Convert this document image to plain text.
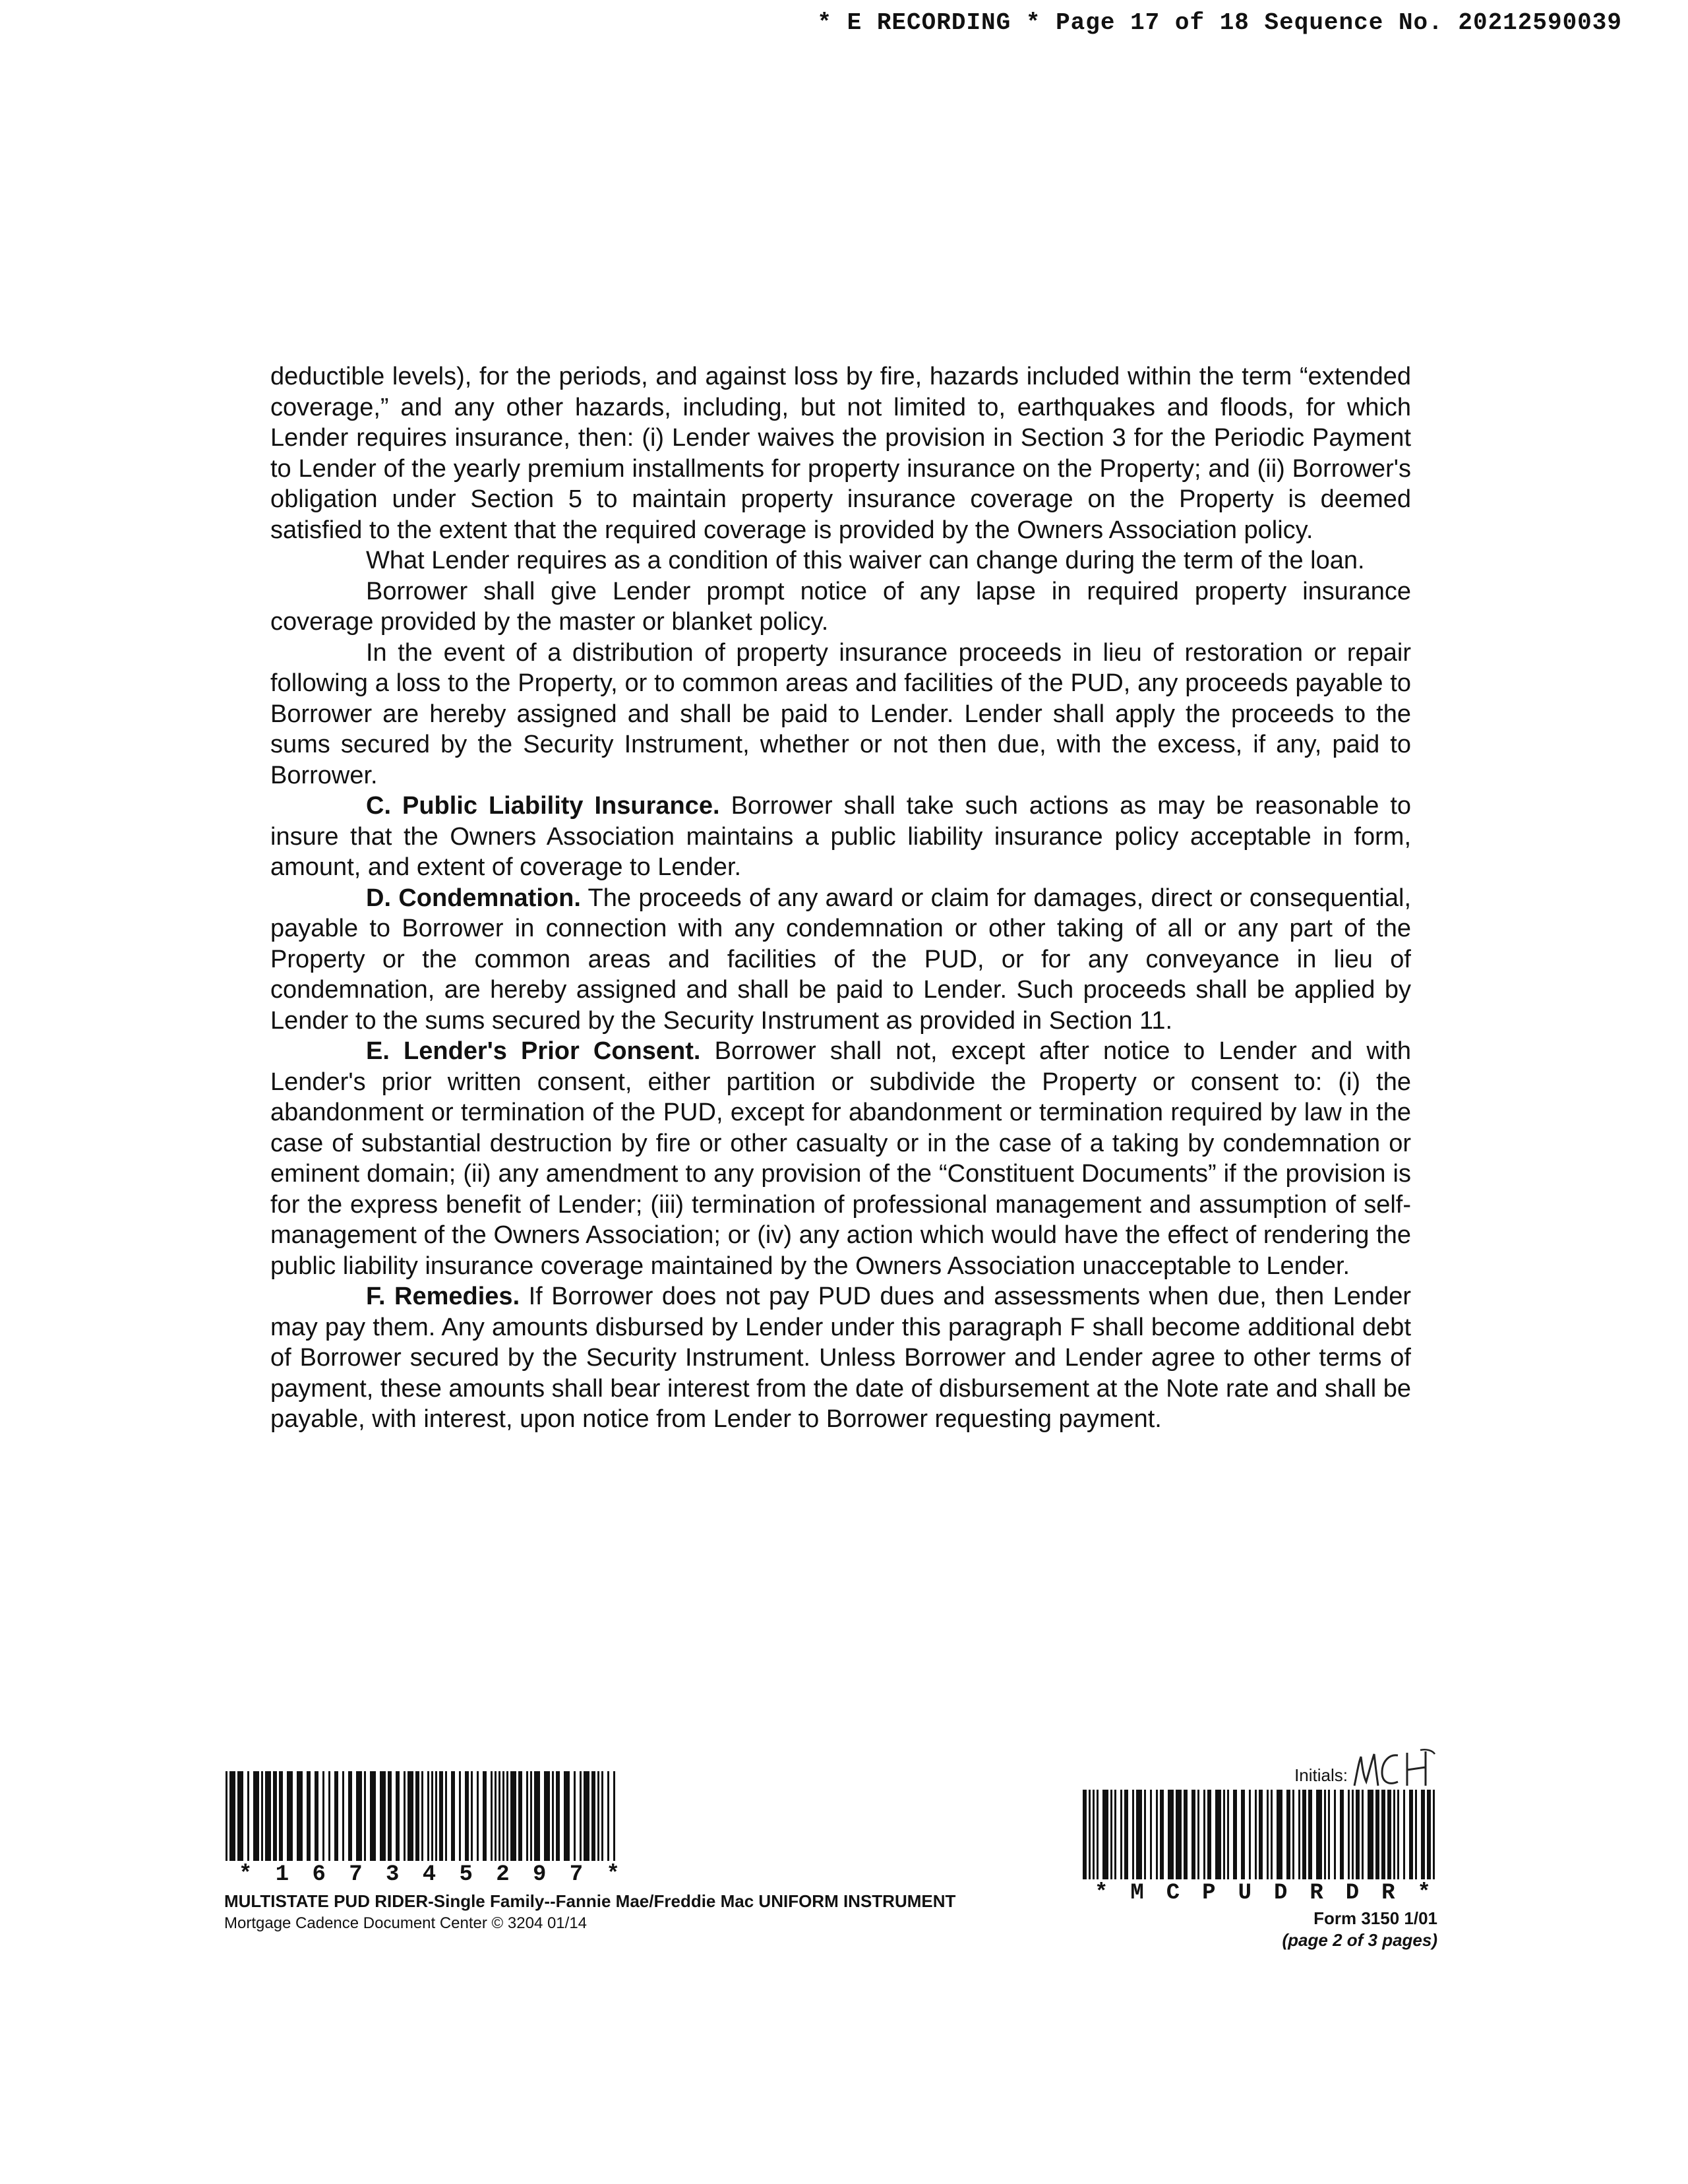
* E RECORDING * Page 17 of 18 Sequence No. 20212590039

deductible levels), for the periods, and against loss by fire, hazards included within the term “extended coverage,” and any other hazards, including, but not limited to, earthquakes and floods, for which Lender requires insurance, then: (i) Lender waives the provision in Section 3 for the Periodic Payment to Lender of the yearly premium installments for property insurance on the Property; and (ii) Borrower's obligation under Section 5 to maintain property insurance coverage on the Property is deemed satisfied to the extent that the required coverage is provided by the Owners Association policy.

What Lender requires as a condition of this waiver can change during the term of the loan.

Borrower shall give Lender prompt notice of any lapse in required property insurance coverage provided by the master or blanket policy.

In the event of a distribution of property insurance proceeds in lieu of restoration or repair following a loss to the Property, or to common areas and facilities of the PUD, any proceeds payable to Borrower are hereby assigned and shall be paid to Lender. Lender shall apply the proceeds to the sums secured by the Security Instrument, whether or not then due, with the excess, if any, paid to Borrower.

C. Public Liability Insurance. Borrower shall take such actions as may be reasonable to insure that the Owners Association maintains a public liability insurance policy acceptable in form, amount, and extent of coverage to Lender.

D. Condemnation. The proceeds of any award or claim for damages, direct or consequential, payable to Borrower in connection with any condemnation or other taking of all or any part of the Property or the common areas and facilities of the PUD, or for any conveyance in lieu of condemnation, are hereby assigned and shall be paid to Lender. Such proceeds shall be applied by Lender to the sums secured by the Security Instrument as provided in Section 11.

E. Lender's Prior Consent. Borrower shall not, except after notice to Lender and with Lender's prior written consent, either partition or subdivide the Property or consent to: (i) the abandonment or termination of the PUD, except for abandonment or termination required by law in the case of substantial destruction by fire or other casualty or in the case of a taking by condemnation or eminent domain; (ii) any amendment to any provision of the “Constituent Documents” if the provision is for the express benefit of Lender; (iii) termination of professional management and assumption of self-management of the Owners Association; or (iv) any action which would have the effect of rendering the public liability insurance coverage maintained by the Owners Association unacceptable to Lender.

F. Remedies. If Borrower does not pay PUD dues and assessments when due, then Lender may pay them. Any amounts disbursed by Lender under this paragraph F shall become additional debt of Borrower secured by the Security Instrument. Unless Borrower and Lender agree to other terms of payment, these amounts shall bear interest from the date of disbursement at the Note rate and shall be payable, with interest, upon notice from Lender to Borrower requesting payment.

* 1 6 7 3 4 5 2 9 7 *
MULTISTATE PUD RIDER-Single Family--Fannie Mae/Freddie Mac UNIFORM INSTRUMENT
Mortgage Cadence Document Center © 3204 01/14
Initials:
* M C P U D R D R *
Form 3150 1/01
(page 2 of 3 pages)
